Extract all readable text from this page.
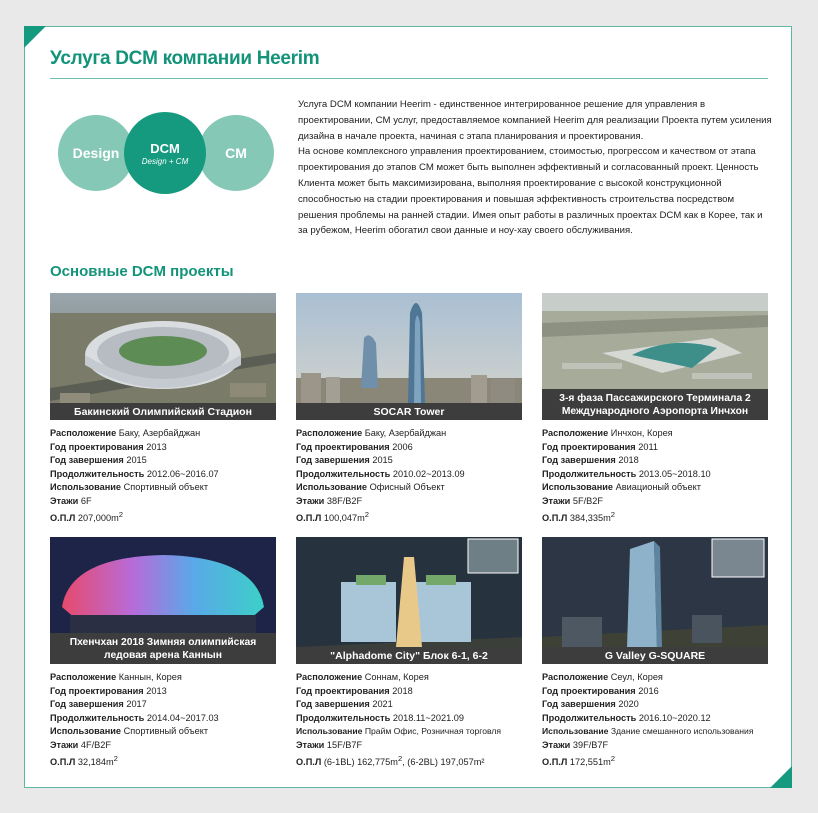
Услуга DCM компании Heerim
Design	CM
DCM
Design + CM

Услуга DCM компании Heerim - единственное интегрированное решение для управления в проектировании, CM услуг, предоставляемое компанией Heerim для реализации Проекта путем усиления дизайна в начале проекта, начиная с этапа планирования и проектирования.

На основе комплексного управления проектированием, стоимостью, прогрессом и качеством от этапа проектирования до этапов CM может быть выполнен эффективный и согласованный проект. Ценность Клиента может быть максимизирована, выполняя проектирование с высокой конструкционной способностью на стадии проектирования и повышая эффективность строительства посредством решения проблемы на ранней стадии. Имея опыт работы в различных проектах DCM как в Корее, так и за рубежом, Heerim обогатил свои данные и ноу-хау своего обслуживания.

Основные DCM проекты
Бакинский Олимпийский Стадион
Расположение Баку, Азербайджан
Год проектирования 2013
Год завершения 2015
Продолжительность 2012.06~2016.07
Использование Спортивный объект
Этажи 6F
О.П.Л $207,000m^2$
SOCAR Tower
Расположение Баку, Азербайджан
Год проектирования 2006
Год завершения 2015
Продолжительность 2010.02~2013.09
Использование Офисный Объект
Этажи 38F/B2F
О.П.Л $100,047m^2$
3-я фаза Пассажирского Терминала 2 Международного Аэропорта Инчхон
Расположение Инчхон, Корея
Год проектирования 2011
Год завершения 2018
Продолжительность 2013.05~2018.10
Использование Авиационый объект
Этажи 5F/B2F
О.П.Л $384,335m^2$
Пхенчхан 2018 Зимняя олимпийская ледовая арена Каннын
Расположение Каннын, Корея
Год проектирования 2013
Год завершения 2017
Продолжительность 2014.04~2017.03
Использование Спортивный объект
Этажи 4F/B2F
О.П.Л $32,184m^2$
"Alphadome City" Блок 6-1, 6-2
Расположение Соннам, Корея
Год проектирования 2018
Год завершения 2021
Продолжительность 2018.11~2021.09
Использование Прайм Офис, Розничная торговля
Этажи 15F/B7F
О.П.Л (6-1BL) $162,775m^2$, (6-2BL) 197,057m²
G Valley G-SQUARE
Расположение Сеул, Корея
Год проектирования 2016
Год завершения 2020
Продолжительность 2016.10~2020.12
Использование Здание смешанного использования
Этажи 39F/B7F
О.П.Л $172,551m^2$
